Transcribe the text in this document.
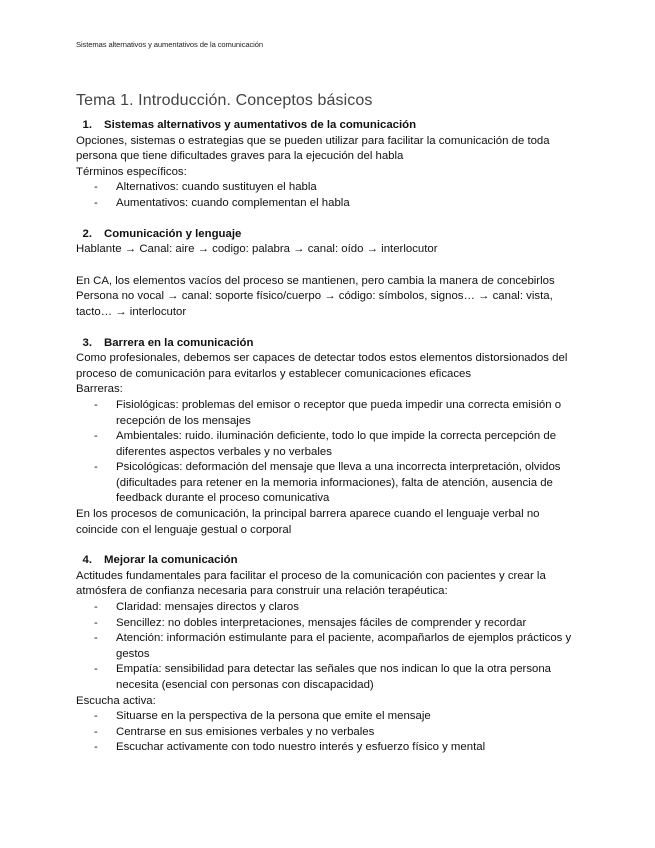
Sistemas alternativos y aumentativos de la comunicación
Tema 1. Introducción. Conceptos básicos
1.	Sistemas alternativos y aumentativos de la comunicación

Opciones, sistemas o estrategias que se pueden utilizar para facilitar la comunicación de toda persona que tiene dificultades graves para la ejecución del habla

Términos específicos:

- Alternativos: cuando sustituyen el habla
- Aumentativos: cuando complementan el habla
2.	Comunicación y lenguaje

Hablante → Canal: aire → codigo: palabra → canal: oído → interlocutor

En CA, los elementos vacíos del proceso se mantienen, pero cambia la manera de concebirlos

Persona no vocal → canal: soporte físico/cuerpo → código: símbolos, signos… → canal: vista, tacto… → interlocutor

3.	Barrera en la comunicación

Como profesionales, debemos ser capaces de detectar todos estos elementos distorsionados del proceso de comunicación para evitarlos y establecer comunicaciones eficaces

Barreras:

- Fisiológicas: problemas del emisor o receptor que pueda impedir una correcta emisión o recepción de los mensajes
- Ambientales: ruido. iluminación deficiente, todo lo que impide la correcta percepción de diferentes aspectos verbales y no verbales
- Psicológicas: deformación del mensaje que lleva a una incorrecta interpretación, olvidos (dificultades para retener en la memoria informaciones), falta de atención, ausencia de feedback durante el proceso comunicativa

En los procesos de comunicación, la principal barrera aparece cuando el lenguaje verbal no coincide con el lenguaje gestual o corporal

4.	Mejorar la comunicación

Actitudes fundamentales para facilitar el proceso de la comunicación con pacientes y crear la atmósfera de confianza necesaria para construir una relación terapéutica:

- Claridad: mensajes directos y claros
- Sencillez: no dobles interpretaciones, mensajes fáciles de comprender y recordar
- Atención: información estimulante para el paciente, acompañarlos de ejemplos prácticos y gestos
- Empatía: sensibilidad para detectar las señales que nos indican lo que la otra persona necesita (esencial con personas con discapacidad)

Escucha activa:

- Situarse en la perspectiva de la persona que emite el mensaje
- Centrarse en sus emisiones verbales y no verbales
- Escuchar activamente con todo nuestro interés y esfuerzo físico y mental
